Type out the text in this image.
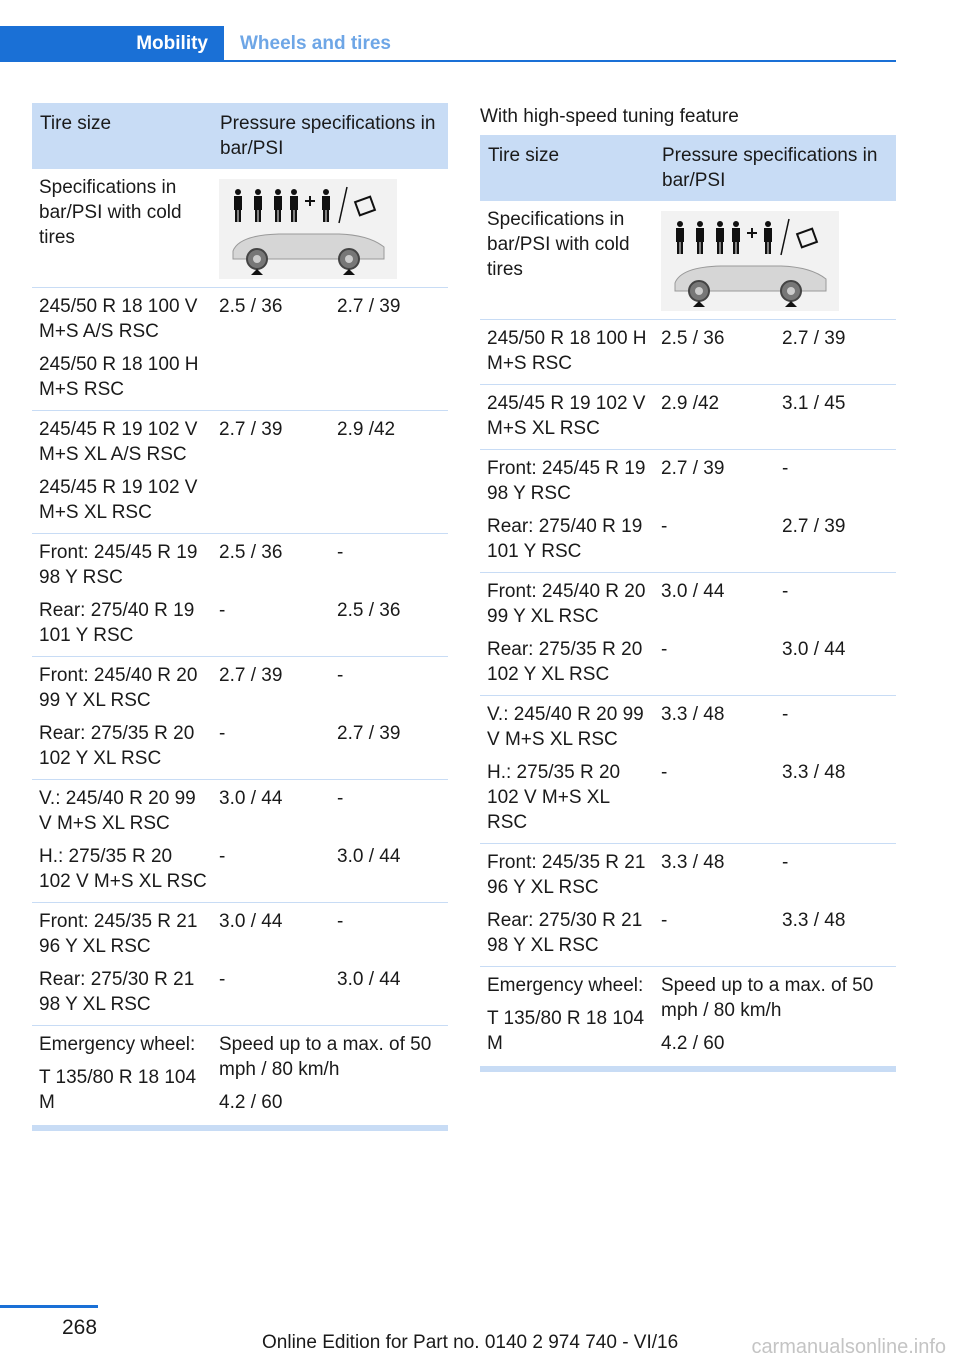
Mobility	Wheels and tires
Tire size	Pressure specifications in bar/PSI	
Specifications in bar/PSI with cold tires	

245/50 R 18 100 V M+S A/S RSC
245/50 R 18 100 H M+S RSC	2.5 / 36	2.7 / 39

245/45 R 19 102 V M+S XL A/S RSC
245/45 R 19 102 V M+S XL RSC	2.7 / 39	2.9 /42

Front: 245/45 R 19 98 Y RSC	2.5 / 36	-

Rear: 275/40 R 19 101 Y RSC	-	2.5 / 36

Front: 245/40 R 20 99 Y XL RSC	2.7 / 39	-

Rear: 275/35 R 20 102 Y XL RSC	-	2.7 / 39

V.: 245/40 R 20 99 V M+S XL RSC	3.0 / 44	-

H.: 275/35 R 20 102 V M+S XL RSC	-	3.0 / 44

Front: 245/35 R 21 96 Y XL RSC	3.0 / 44	-

Rear: 275/30 R 21 98 Y XL RSC	-	3.0 / 44

Emergency wheel:
T 135/80 R 18 104 M	Speed up to a max. of 50 mph / 80 km/h
4.2 / 60	
With high-speed tuning feature
Tire size	Pressure specifications in bar/PSI	
Specifications in bar/PSI with cold tires	

245/50 R 18 100 H M+S RSC	2.5 / 36	2.7 / 39

245/45 R 19 102 V M+S XL RSC	2.9 /42	3.1 / 45

Front: 245/45 R 19 98 Y RSC	2.7 / 39	-

Rear: 275/40 R 19 101 Y RSC	-	2.7 / 39

Front: 245/40 R 20 99 Y XL RSC	3.0 / 44	-

Rear: 275/35 R 20 102 Y XL RSC	-	3.0 / 44

V.: 245/40 R 20 99 V M+S XL RSC	3.3 / 48	-

H.: 275/35 R 20 102 V M+S XL RSC	-	3.3 / 48

Front: 245/35 R 21 96 Y XL RSC	3.3 / 48	-

Rear: 275/30 R 21 98 Y XL RSC	-	3.3 / 48

Emergency wheel:
T 135/80 R 18 104 M	Speed up to a max. of 50 mph / 80 km/h
4.2 / 60	
268
Online Edition for Part no. 0140 2 974 740 - VI/16	carmanualsonline.info
